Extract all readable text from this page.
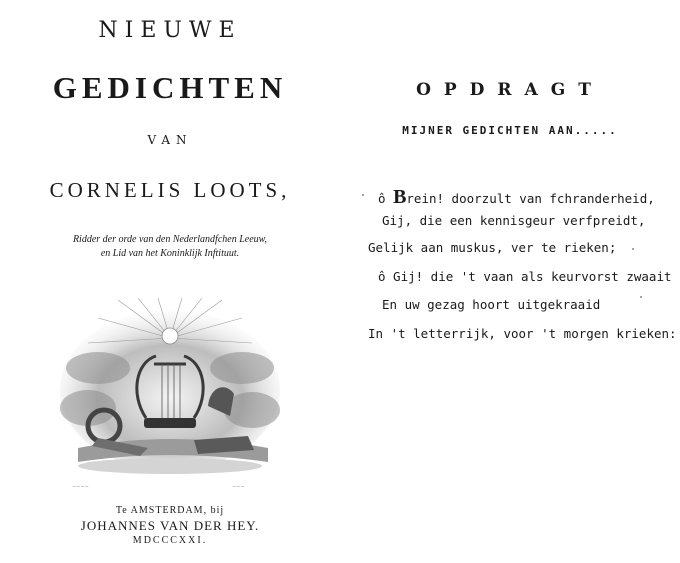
NIEUWE
GEDICHTEN
VAN
CORNELIS LOOTS,
Ridder der orde van den Nederlandfchen Leeuw,
en Lid van het Koninklijk Inftituut.
~~~~	~~~
Te AMSTERDAM, bij
JOHANNES VAN DER HEY.
MDCCCXXI.
OPDRAGT
MIJNER GEDICHTEN AAN.....
ô Brein! doorzult van fchranderheid,
Gij, die een kennisgeur verfpreidt,
Gelijk aan muskus, ver te rieken;
ô Gij! die 't vaan als keurvorst zwaait
En uw gezag hoort uitgekraaid
In 't letterrijk, voor 't morgen krieken:
